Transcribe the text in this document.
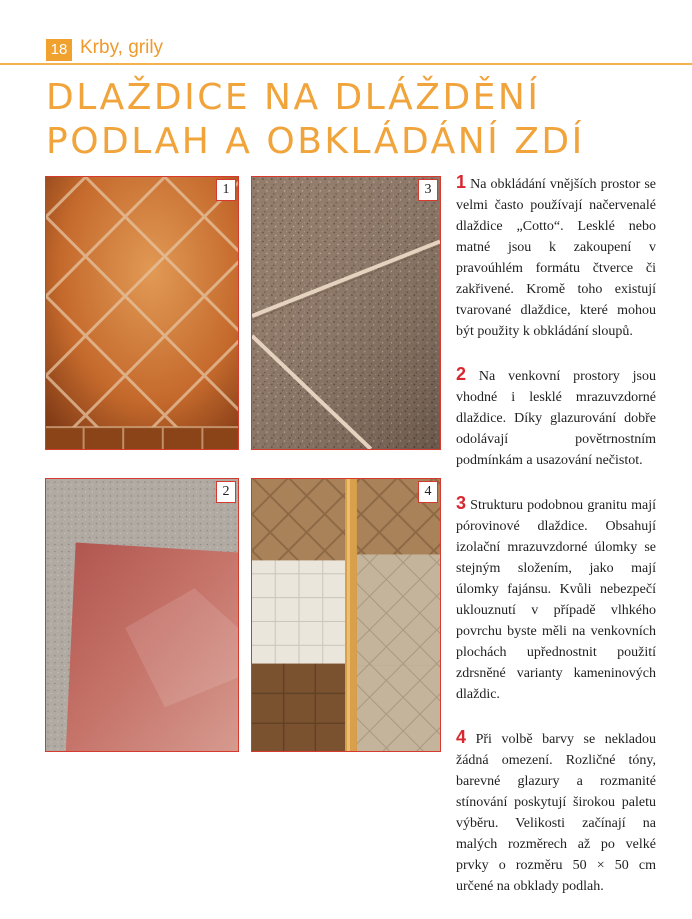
18 Krby, grily
DLAŽDICE NA DLÁŽDĚNÍ
PODLAH A OBKLÁDÁNÍ ZDÍ
1	3
2	4

1 Na obkládání vnějších prostor se velmi často používají načervenalé dlaždice „Cotto“. Lesklé nebo matné jsou k zakoupení v pravoúhlém formátu čtverce či zakřivené. Kromě toho existují tvarované dlaždice, které mohou být použity k obkládání sloupů.

2 Na venkovní prostory jsou vhodné i lesklé mrazuvzdorné dlaždice. Díky glazurování dobře odolávají povětrnostním podmínkám a usazování nečistot.

3 Strukturu podobnou granitu mají pórovinové dlaždice. Obsahují izolační mrazuvzdorné úlomky se stejným složením, jako mají úlomky fajánsu. Kvůli nebezpečí uklouznutí v případě vlhkého povrchu byste měli na venkovních plochách upřednostnit použití zdrsněné varianty kameninových dlaždic.

4 Při volbě barvy se nekladou žádná omezení. Rozličné tóny, barevné glazury a rozmanité stínování poskytují širokou paletu výběru. Velikosti začínají na malých rozměrech až po velké prvky o rozměru 50 × 50 cm určené na obklady podlah.
